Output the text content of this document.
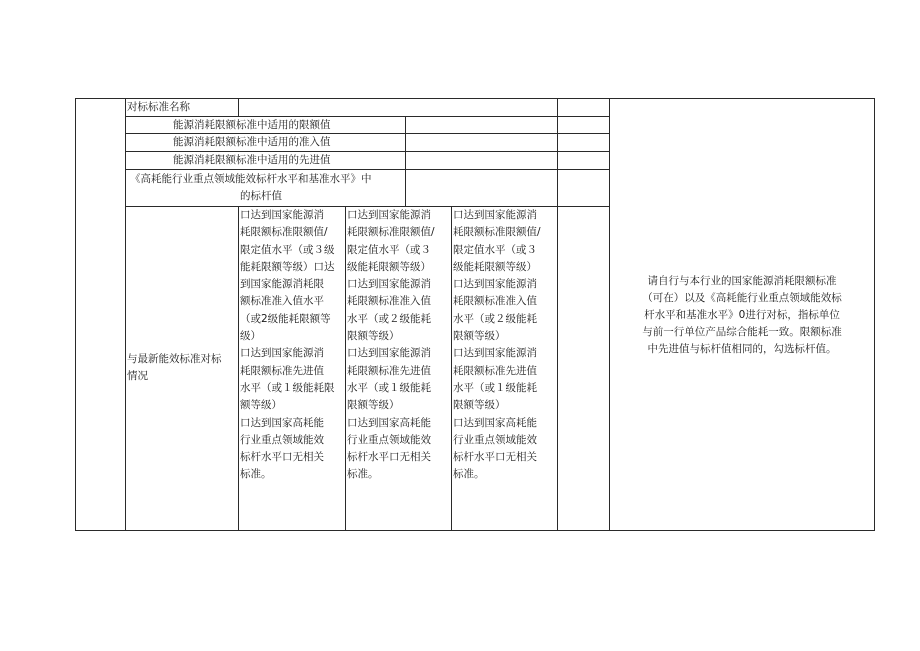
对标标准名称
能源消耗限额标准中适用的限额值
能源消耗限额标准中适用的准入值
能源消耗限额标准中适用的先进值
《高耗能行业重点领域能效标杆水平和基准水平》中
的标杆值
与最新能效标准对标
情况
口达到国家能源消
耗限额标准限额值/
限定值水平（或３级
能耗限额等级）口达
到国家能源消耗限
额标准准入值水平
（或2级能耗限额等
级）
口达到国家能源消
耗限额标准先进值
水平（或１级能耗限
额等级）
口达到国家高耗能
行业重点领域能效
标杆水平口无相关
标准。
口达到国家能源消
耗限额标准限额值/
限定值水平（或３
级能耗限额等级）
口达到国家能源消
耗限额标准准入值
水平（或２级能耗
限额等级）
口达到国家能源消
耗限额标准先进值
水平（或１级能耗
限额等级）
口达到国家高耗能
行业重点领域能效
标杆水平口无相关
标准。
口达到国家能源消
耗限额标准限额值/
限定值水平（或３
级能耗限额等级）
口达到国家能源消
耗限额标准准入值
水平（或２级能耗
限额等级）
口达到国家能源消
耗限额标准先进值
水平（或１级能耗
限额等级）
口达到国家高耗能
行业重点领域能效
标杆水平口无相关
标准。
请自行与本行业的国家能源消耗限额标准
（可在）以及《高耗能行业重点领域能效标
杆水平和基准水平》0进行对标，指标单位
与前一行单位产品综合能耗一致。限额标准
中先进值与标杆值相同的，勾选标杆值。
